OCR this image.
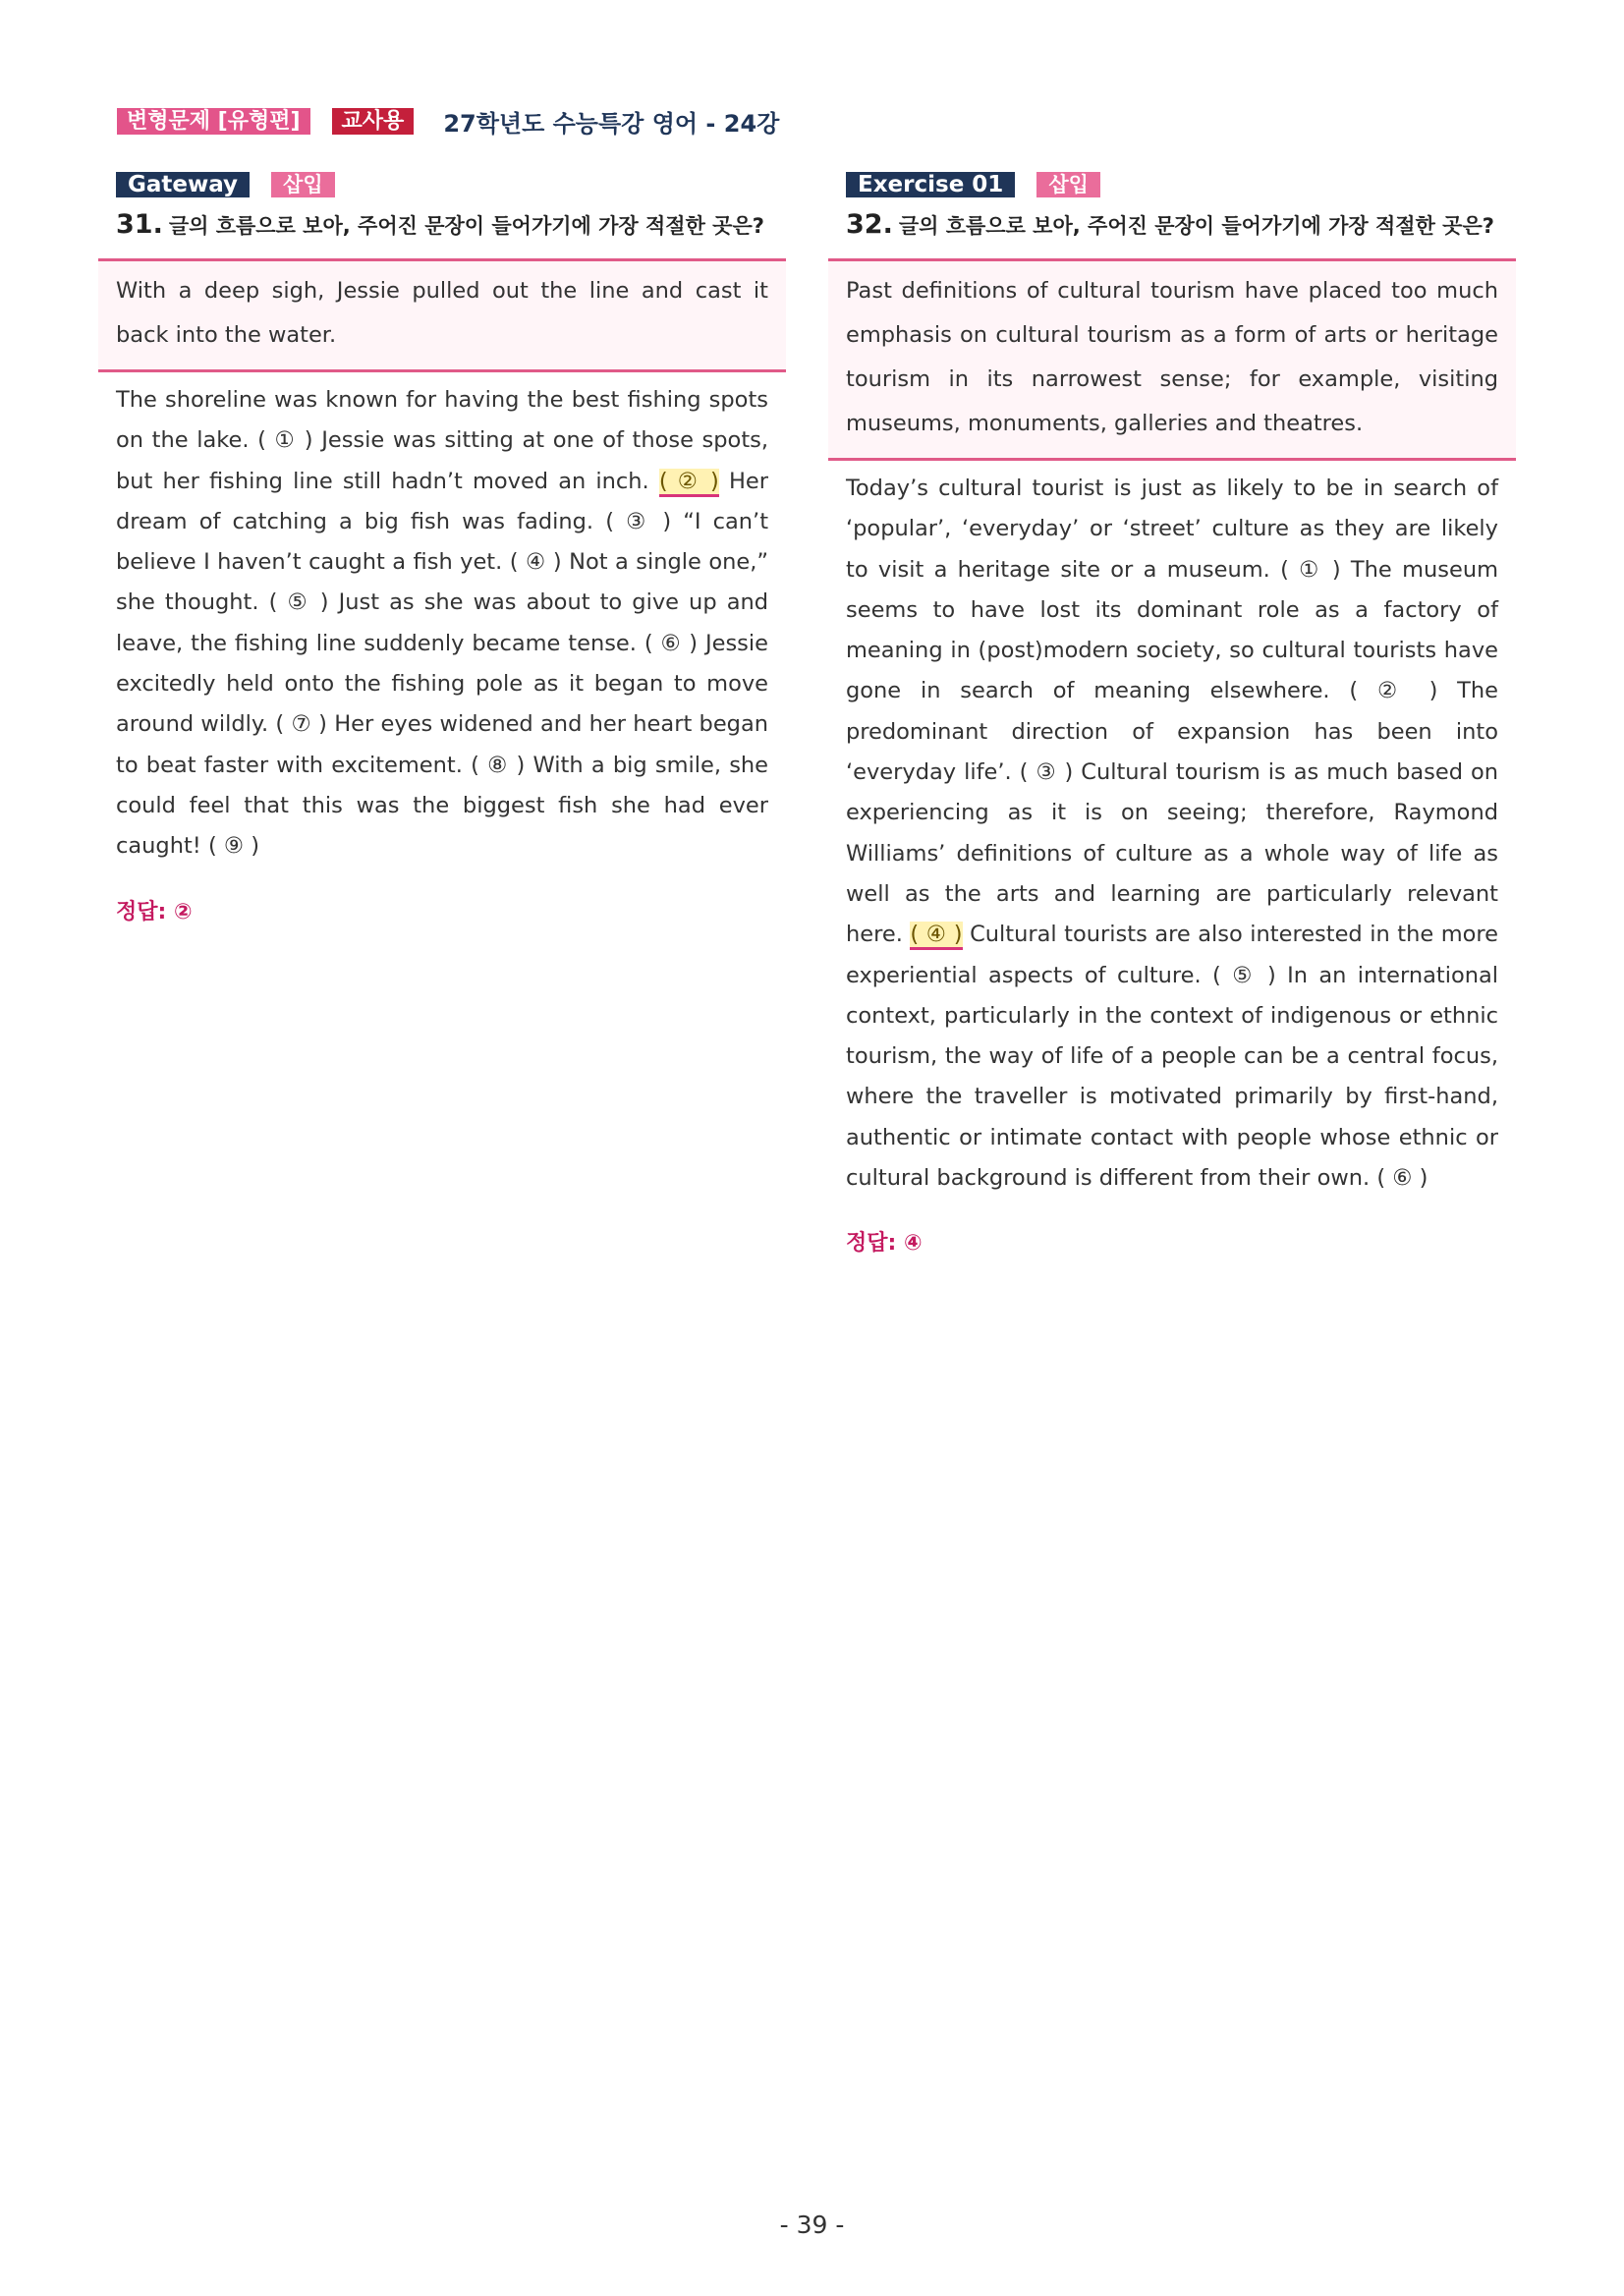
변형문제 [유형편]	교사용	27학년도 수능특강 영어 - 24강
Gateway	삽입
31. 글의 흐름으로 보아, 주어진 문장이 들어가기에 가장 적절한 곳은?
With a deep sigh, Jessie pulled out the line and cast it back into the water.
The shoreline was known for having the best fishing spots on the lake. ( ① ) Jessie was sitting at one of those spots, but her fishing line still hadn’t moved an inch. ( ② ) Her dream of catching a big fish was fading. ( ③ ) “I can’t believe I haven’t caught a fish yet. ( ④ ) Not a single one,” she thought. ( ⑤ ) Just as she was about to give up and leave, the fishing line suddenly became tense. ( ⑥ ) Jessie excitedly held onto the fishing pole as it began to move around wildly. ( ⑦ ) Her eyes widened and her heart began to beat faster with excitement. ( ⑧ ) With a big smile, she could feel that this was the biggest fish she had ever caught! ( ⑨ )
정답: ②
Exercise 01	삽입
32. 글의 흐름으로 보아, 주어진 문장이 들어가기에 가장 적절한 곳은?
Past definitions of cultural tourism have placed too much emphasis on cultural tourism as a form of arts or heritage tourism in its narrowest sense; for example, visiting museums, monuments, galleries and theatres.
Today’s cultural tourist is just as likely to be in search of ‘popular’, ‘everyday’ or ‘street’ culture as they are likely to visit a heritage site or a museum. ( ① ) The museum seems to have lost its dominant role as a factory of meaning in (post)modern society, so cultural tourists have gone in search of meaning elsewhere. ( ② ) The predominant direction of expansion has been into ‘everyday life’. ( ③ ) Cultural tourism is as much based on experiencing as it is on seeing; therefore, Raymond Williams’ definitions of culture as a whole way of life as well as the arts and learning are particularly relevant here. ( ④ ) Cultural tourists are also interested in the more experiential aspects of culture. ( ⑤ ) In an international context, particularly in the context of indigenous or ethnic tourism, the way of life of a people can be a central focus, where the traveller is motivated primarily by first-hand, authentic or intimate contact with people whose ethnic or cultural background is different from their own. ( ⑥ )
정답: ④
- 39 -
